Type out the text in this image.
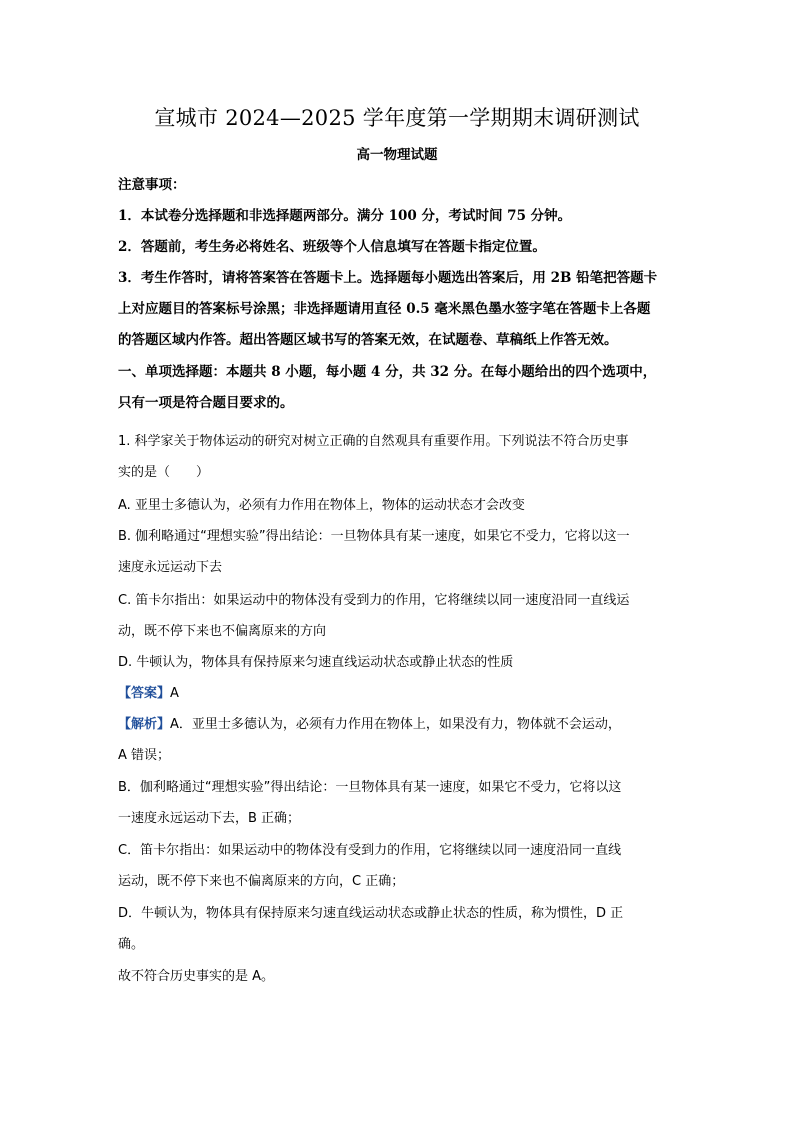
宣城市 2024—2025 学年度第一学期期末调研测试
高一物理试题
注意事项：
1．本试卷分选择题和非选择题两部分。满分 100 分，考试时间 75 分钟。
2．答题前，考生务必将姓名、班级等个人信息填写在答题卡指定位置。
3．考生作答时，请将答案答在答题卡上。选择题每小题选出答案后，用 2B 铅笔把答题卡
上对应题目的答案标号涂黑；非选择题请用直径 0.5 毫米黑色墨水签字笔在答题卡上各题
的答题区域内作答。超出答题区域书写的答案无效，在试题卷、草稿纸上作答无效。
一、单项选择题：本题共 8 小题，每小题 4 分，共 32 分。在每小题给出的四个选项中，
只有一项是符合题目要求的。
1. 科学家关于物体运动的研究对树立正确的自然观具有重要作用。下列说法不符合历史事
实的是（　　）
A. 亚里士多德认为，必须有力作用在物体上，物体的运动状态才会改变
B. 伽利略通过“理想实验”得出结论：一旦物体具有某一速度，如果它不受力，它将以这一
速度永远运动下去
C. 笛卡尔指出：如果运动中的物体没有受到力的作用，它将继续以同一速度沿同一直线运
动，既不停下来也不偏离原来的方向
D. 牛顿认为，物体具有保持原来匀速直线运动状态或静止状态的性质
【答案】A
【解析】A．亚里士多德认为，必须有力作用在物体上，如果没有力，物体就不会运动，
A 错误；
B．伽利略通过“理想实验”得出结论：一旦物体具有某一速度，如果它不受力，它将以这
一速度永远运动下去，B 正确；
C．笛卡尔指出：如果运动中的物体没有受到力的作用，它将继续以同一速度沿同一直线
运动，既不停下来也不偏离原来的方向，C 正确；
D．牛顿认为，物体具有保持原来匀速直线运动状态或静止状态的性质，称为惯性，D 正
确。
故不符合历史事实的是 A。
